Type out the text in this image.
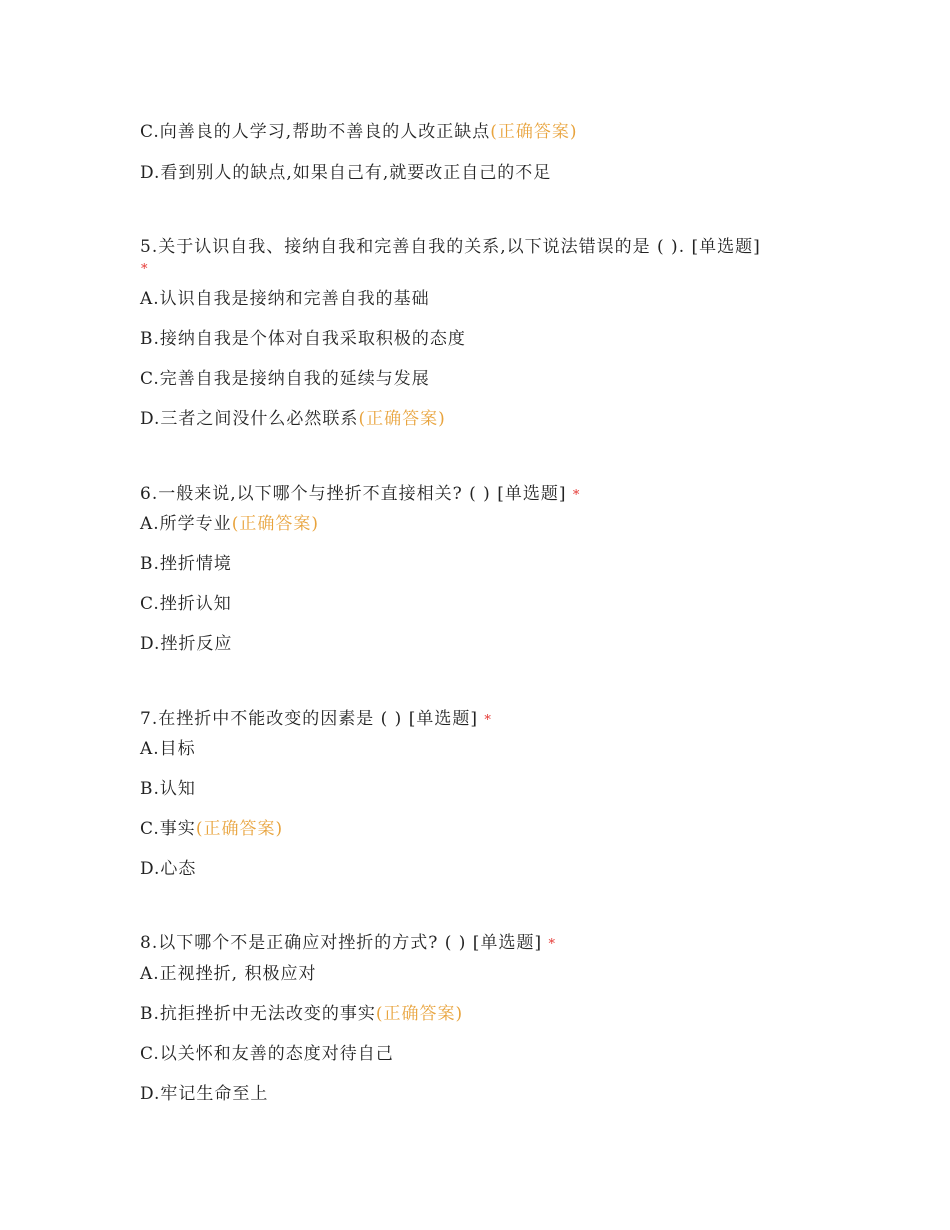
C.向善良的人学习,帮助不善良的人改正缺点(正确答案)
D.看到别人的缺点,如果自己有,就要改正自己的不足
5.关于认识自我、接纳自我和完善自我的关系,以下说法错误的是 ( ). [单选题]
*
A.认识自我是接纳和完善自我的基础
B.接纳自我是个体对自我采取积极的态度
C.完善自我是接纳自我的延续与发展
D.三者之间没什么必然联系(正确答案)
6.一般来说,以下哪个与挫折不直接相关? ( ) [单选题] *
A.所学专业(正确答案)
B.挫折情境
C.挫折认知
D.挫折反应
7.在挫折中不能改变的因素是 ( ) [单选题] *
A.目标
B.认知
C.事实(正确答案)
D.心态
8.以下哪个不是正确应对挫折的方式? ( ) [单选题] *
A.正视挫折, 积极应对
B.抗拒挫折中无法改变的事实(正确答案)
C.以关怀和友善的态度对待自己
D.牢记生命至上
